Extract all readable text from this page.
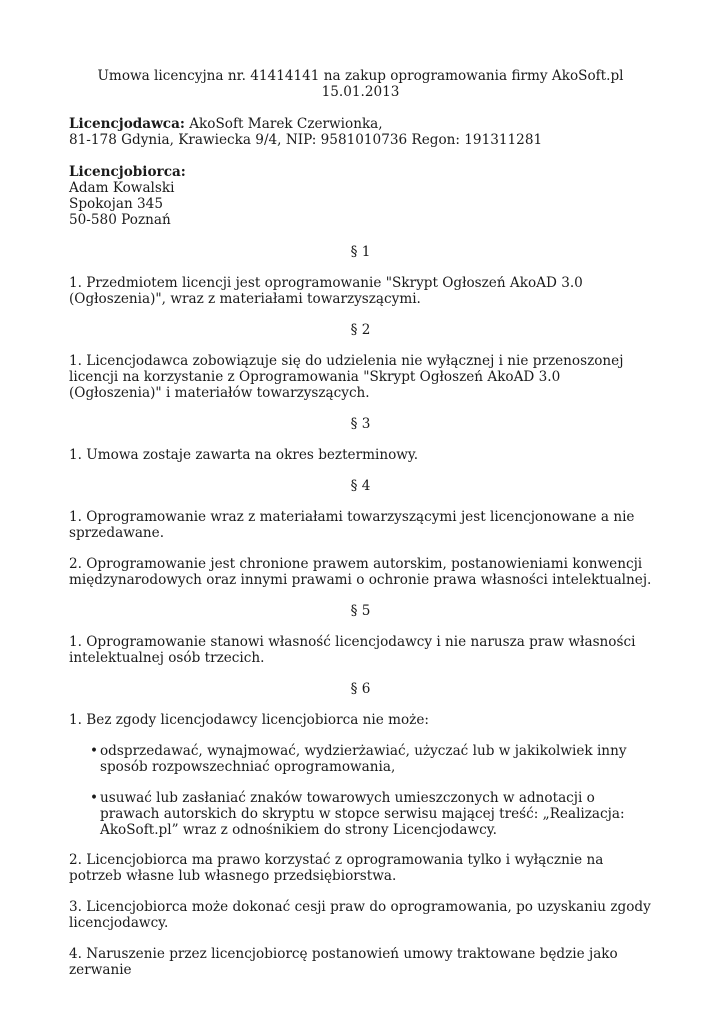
Umowa licencyjna nr. 41414141 na zakup oprogramowania firmy AkoSoft.pl 15.01.2013

Licencjodawca: AkoSoft Marek Czerwionka,

81-178 Gdynia, Krawiecka 9/4, NIP: 9581010736 Regon: 191311281

Licencjobiorca:

Adam Kowalski

Spokojan 345

50-580 Poznań

§ 1

1. Przedmiotem licencji jest oprogramowanie "Skrypt Ogłoszeń AkoAD 3.0 (Ogłoszenia)", wraz z materiałami towarzyszącymi.

§ 2

1. Licencjodawca zobowiązuje się do udzielenia nie wyłącznej i nie przenoszonej licencji na korzystanie z Oprogramowania "Skrypt Ogłoszeń AkoAD 3.0 (Ogłoszenia)" i materiałów towarzyszących.

§ 3

1. Umowa zostaje zawarta na okres bezterminowy.

§ 4

1. Oprogramowanie wraz z materiałami towarzyszącymi jest licencjonowane a nie sprzedawane.

2. Oprogramowanie jest chronione prawem autorskim, postanowieniami konwencji międzynarodowych oraz innymi prawami o ochronie prawa własności intelektualnej.

§ 5

1. Oprogramowanie stanowi własność licencjodawcy i nie narusza praw własności intelektualnej osób trzecich.

§ 6

1. Bez zgody licencjodawcy licencjobiorca nie może:

• odsprzedawać, wynajmować, wydzierżawiać, użyczać lub w jakikolwiek inny sposób rozpowszechniać oprogramowania,
• usuwać lub zasłaniać znaków towarowych umieszczonych w adnotacji o prawach autorskich do skryptu w stopce serwisu mającej treść: „Realizacja: AkoSoft.pl” wraz z odnośnikiem do strony Licencjodawcy.

2. Licencjobiorca ma prawo korzystać z oprogramowania tylko i wyłącznie na potrzeb własne lub własnego przedsiębiorstwa.

3. Licencjobiorca może dokonać cesji praw do oprogramowania, po uzyskaniu zgody licencjodawcy.

4. Naruszenie przez licencjobiorcę postanowień umowy traktowane będzie jako zerwanie
